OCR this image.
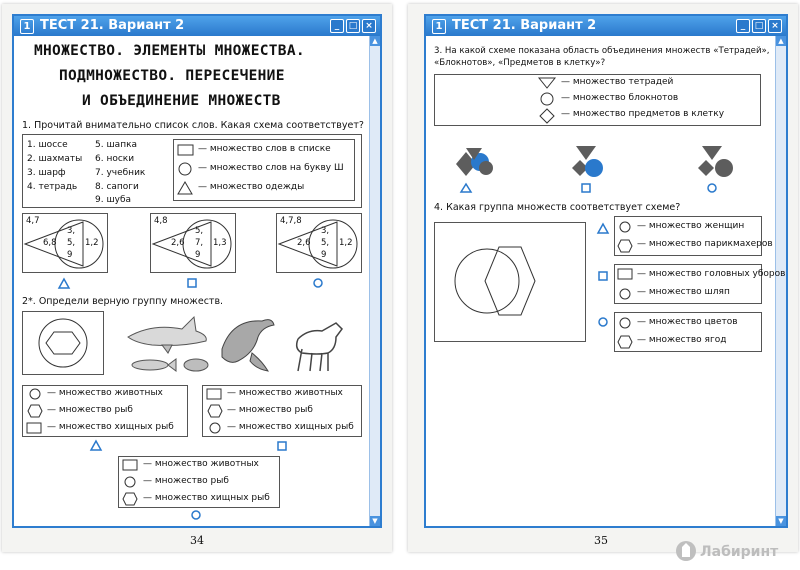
1 ТЕСТ 21. Вариант 2	_	□ ×
▲
▼
МНОЖЕСТВО. ЭЛЕМЕНТЫ МНОЖЕСТВА.
ПОДМНОЖЕСТВО. ПЕРЕСЕЧЕНИЕ
И ОБЪЕДИНЕНИЕ МНОЖЕСТВ
1. Прочитай внимательно список слов. Какая схема соответствует?
1. шоссе
2. шахматы
3. шарф
4. тетрадь
5. шапка
6. носки
7. учебник
8. сапоги
9. шуба
— множество слов в списке
— множество слов на букву Ш
— множество одежды
4,7
6,8
3,
5,
9
1,2
4,8
2,6
5,
7,
9
1,3
4,7,8
2,6
3,
5,
9
1,2
2*. Определи верную группу множеств.
— множество животных
— множество рыб
— множество хищных рыб
— множество животных
— множество рыб
— множество хищных рыб
— множество животных
— множество рыб
— множество хищных рыб
34
1 ТЕСТ 21. Вариант 2	_	□ ×
▲
▼
3. На какой схеме показана область объединения множеств «Тетрадей»,
«Блокнотов», «Предметов в клетку»?
— множество тетрадей
— множество блокнотов
— множество предметов в клетку
4. Какая группа множеств соответствует схеме?
— множество женщин
— множество парикмахеров
— множество головных уборов
— множество шляп
— множество цветов
— множество ягод
35
Лабиринт
